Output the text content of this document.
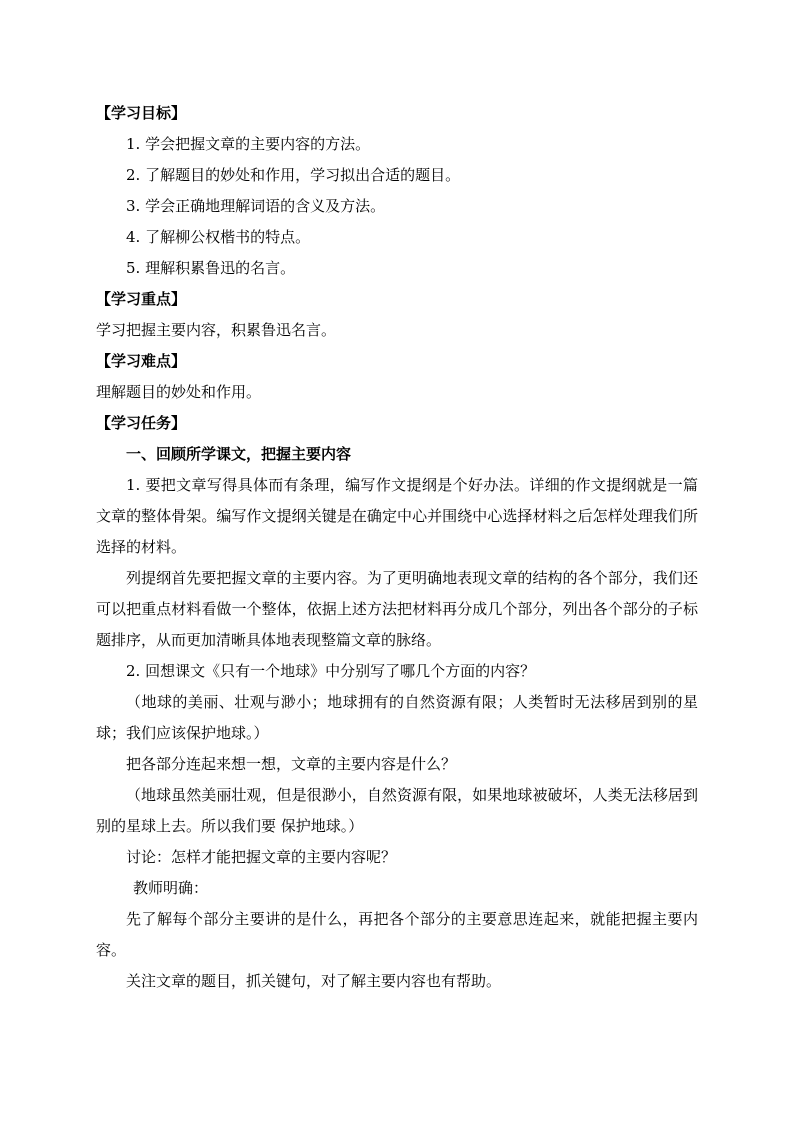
【学习目标】
1. 学会把握文章的主要内容的方法。
2. 了解题目的妙处和作用，学习拟出合适的题目。
3. 学会正确地理解词语的含义及方法。
4. 了解柳公权楷书的特点。
5. 理解积累鲁迅的名言。
【学习重点】
学习把握主要内容，积累鲁迅名言。
【学习难点】
理解题目的妙处和作用。
【学习任务】
一、回顾所学课文，把握主要内容
1. 要把文章写得具体而有条理，编写作文提纲是个好办法。详细的作文提纲就是一篇文章的整体骨架。编写作文提纲关键是在确定中心并围绕中心选择材料之后怎样处理我们所选择的材料。
列提纲首先要把握文章的主要内容。为了更明确地表现文章的结构的各个部分，我们还可以把重点材料看做一个整体，依据上述方法把材料再分成几个部分，列出各个部分的子标题排序，从而更加清晰具体地表现整篇文章的脉络。
2. 回想课文《只有一个地球》中分别写了哪几个方面的内容？
（地球的美丽、壮观与渺小；地球拥有的自然资源有限；人类暂时无法移居到别的星球；我们应该保护地球。）
把各部分连起来想一想，文章的主要内容是什么？
（地球虽然美丽壮观，但是很渺小，自然资源有限，如果地球被破坏，人类无法移居到别的星球上去。所以我们要 保护地球。）
讨论：怎样才能把握文章的主要内容呢？
教师明确：
先了解每个部分主要讲的是什么，再把各个部分的主要意思连起来，就能把握主要内容。
关注文章的题目，抓关键句，对了解主要内容也有帮助。
